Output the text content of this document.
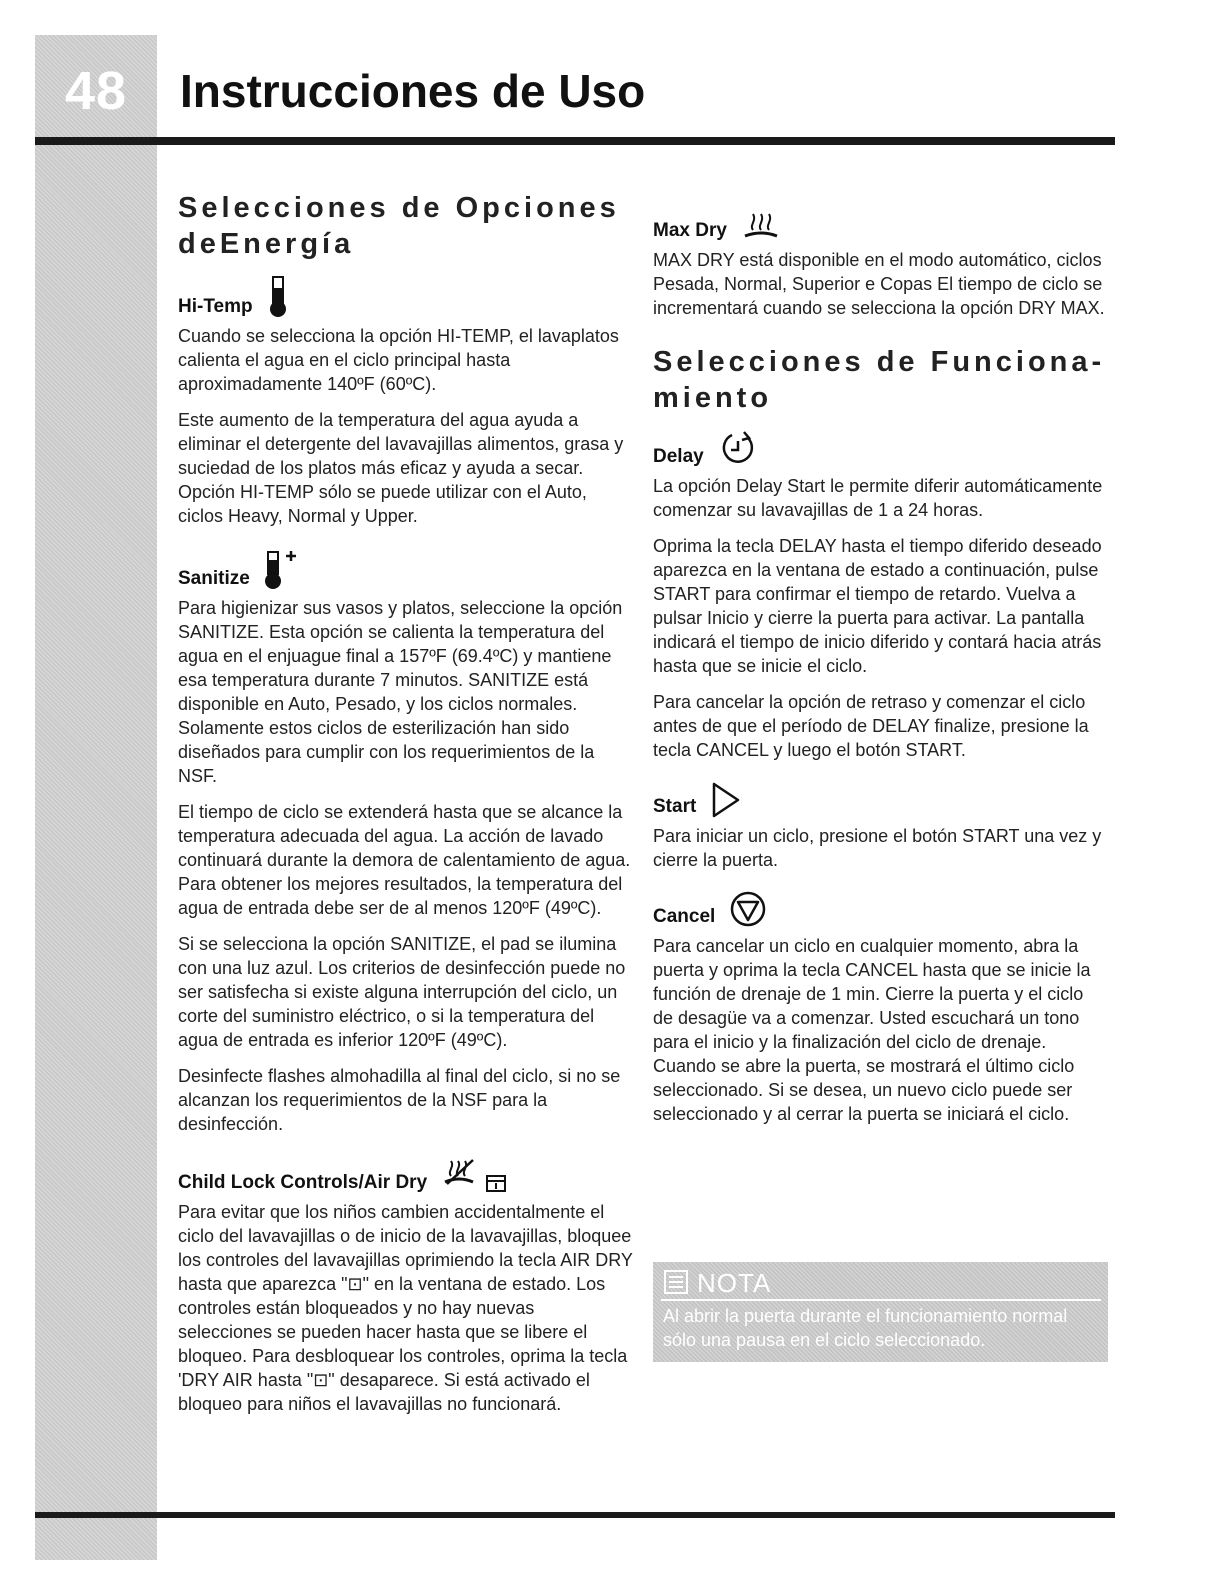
48	Instrucciones de Uso
Selecciones de Opciones
deEnergía
Hi-Temp

Cuando se selecciona la opción HI-TEMP, el lavaplatos calienta el agua en el ciclo principal hasta aproximadamente 140ºF (60ºC).

Este aumento de la temperatura del agua ayuda a eliminar el detergente del lavavajillas alimentos, grasa y suciedad de los platos más eficaz y ayuda a secar. Opción HI-TEMP sólo se puede utilizar con el Auto, ciclos Heavy, Normal y Upper.

Sanitize

Para higienizar sus vasos y platos, seleccione la opción SANITIZE. Esta opción se calienta la temperatura del agua en el enjuague final a 157ºF (69.4ºC) y mantiene esa temperatura durante 7 minutos. SANITIZE está disponible en Auto, Pesado, y los ciclos normales. Solamente estos ciclos de esterilización han sido diseñados para cumplir con los requerimientos de la NSF.

El tiempo de ciclo se extenderá hasta que se alcance la temperatura adecuada del agua. La acción de lavado continuará durante la demora de calentamiento de agua. Para obtener los mejores resultados, la temperatura del agua de entrada debe ser de al menos 120ºF (49ºC).

Si se selecciona la opción SANITIZE, el pad se ilumina con una luz azul. Los criterios de desinfección puede no ser satisfecha si existe alguna interrupción del ciclo, un corte del suministro eléctrico, o si la temperatura del agua de entrada es inferior 120ºF (49ºC).

Desinfecte flashes almohadilla al final del ciclo, si no se alcanzan los requerimientos de la NSF para la desinfección.

Child Lock Controls/Air Dry

Para evitar que los niños cambien accidentalmente el ciclo del lavavajillas o de inicio de la lavavajillas, bloquee los controles del lavavajillas oprimiendo la tecla AIR DRY hasta que aparezca "⊡" en la ventana de estado. Los controles están bloqueados y no hay nuevas selecciones se pueden hacer hasta que se libere el bloqueo. Para desbloquear los controles, oprima la tecla 'DRY AIR hasta "⊡" desaparece. Si está activado el bloqueo para niños el lavavajillas no funcionará.

Max Dry

MAX DRY está disponible en el modo automático, ciclos Pesada, Normal, Superior e Copas El tiempo de ciclo se incrementará cuando se selecciona la opción DRY MAX.

Selecciones de Funciona-
miento
Delay

La opción Delay Start le permite diferir automáticamente comenzar su lavavajillas de 1 a 24 horas.

Oprima la tecla DELAY hasta el tiempo diferido deseado aparezca en la ventana de estado a continuación, pulse START para confirmar el tiempo de retardo. Vuelva a pulsar Inicio y cierre la puerta para activar. La pantalla indicará el tiempo de inicio diferido y contará hacia atrás hasta que se inicie el ciclo.

Para cancelar la opción de retraso y comenzar el ciclo antes de que el período de DELAY finalize, presione la tecla CANCEL y luego el botón START.

Start

Para iniciar un ciclo, presione el botón START una vez y cierre la puerta.

Cancel

Para cancelar un ciclo en cualquier momento, abra la puerta y oprima la tecla CANCEL hasta que se inicie la función de drenaje de 1 min. Cierre la puerta y el ciclo de desagüe va a comenzar. Usted escuchará un tono para el inicio y la finalización del ciclo de drenaje. Cuando se abre la puerta, se mostrará el último ciclo seleccionado. Si se desea, un nuevo ciclo puede ser seleccionado y al cerrar la puerta se iniciará el ciclo.

NOTA
Al abrir la puerta durante el funcionamiento normal sólo una pausa en el ciclo seleccionado.
